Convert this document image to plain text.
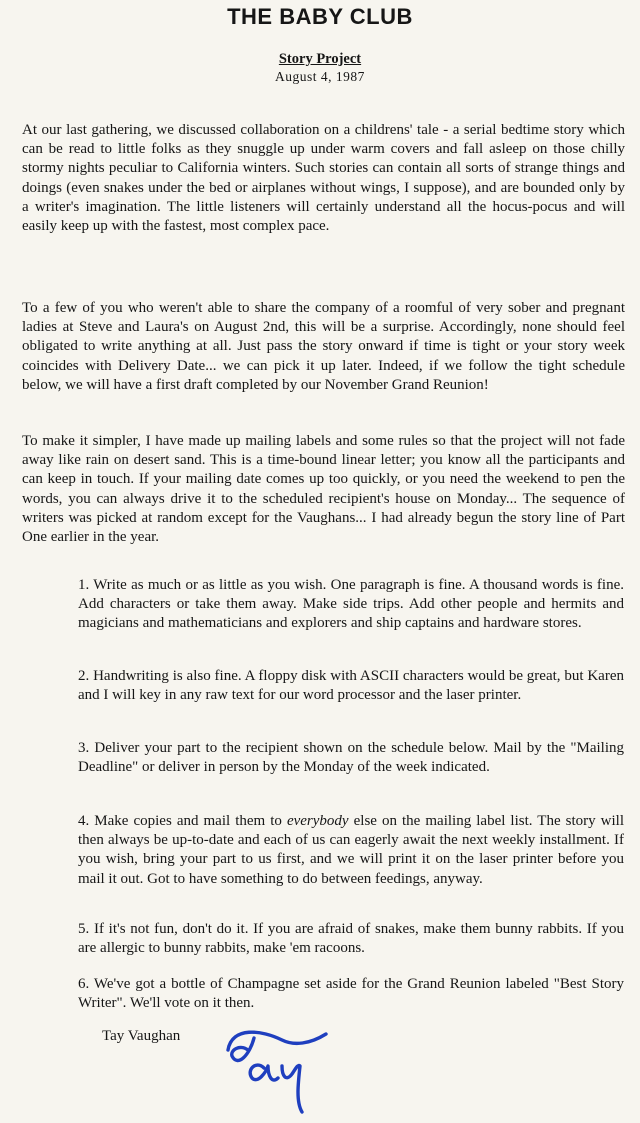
THE BABY CLUB
Story Project
August 4, 1987

At our last gathering, we discussed collaboration on a childrens' tale - a serial bedtime story which can be read to little folks as they snuggle up under warm covers and fall asleep on those chilly stormy nights peculiar to California winters. Such stories can contain all sorts of strange things and doings (even snakes under the bed or airplanes without wings, I suppose), and are bounded only by a writer's imagination. The little listeners will certainly understand all the hocus-pocus and will easily keep up with the fastest, most complex pace.

To a few of you who weren't able to share the company of a roomful of very sober and pregnant ladies at Steve and Laura's on August 2nd, this will be a surprise. Accordingly, none should feel obligated to write anything at all. Just pass the story onward if time is tight or your story week coincides with Delivery Date... we can pick it up later. Indeed, if we follow the tight schedule below, we will have a first draft completed by our November Grand Reunion!

To make it simpler, I have made up mailing labels and some rules so that the project will not fade away like rain on desert sand. This is a time-bound linear letter; you know all the participants and can keep in touch. If your mailing date comes up too quickly, or you need the weekend to pen the words, you can always drive it to the scheduled recipient's house on Monday... The sequence of writers was picked at random except for the Vaughans... I had already begun the story line of Part One earlier in the year.

1. Write as much or as little as you wish. One paragraph is fine. A thousand words is fine. Add characters or take them away. Make side trips. Add other people and hermits and magicians and mathematicians and explorers and ship captains and hardware stores.

2. Handwriting is also fine. A floppy disk with ASCII characters would be great, but Karen and I will key in any raw text for our word processor and the laser printer.

3. Deliver your part to the recipient shown on the schedule below. Mail by the "Mailing Deadline" or deliver in person by the Monday of the week indicated.

4. Make copies and mail them to everybody else on the mailing label list. The story will then always be up-to-date and each of us can eagerly await the next weekly installment. If you wish, bring your part to us first, and we will print it on the laser printer before you mail it out. Got to have something to do between feedings, anyway.

5. If it's not fun, don't do it. If you are afraid of snakes, make them bunny rabbits. If you are allergic to bunny rabbits, make 'em racoons.

6. We've got a bottle of Champagne set aside for the Grand Reunion labeled "Best Story Writer". We'll vote on it then.

Tay Vaughan
